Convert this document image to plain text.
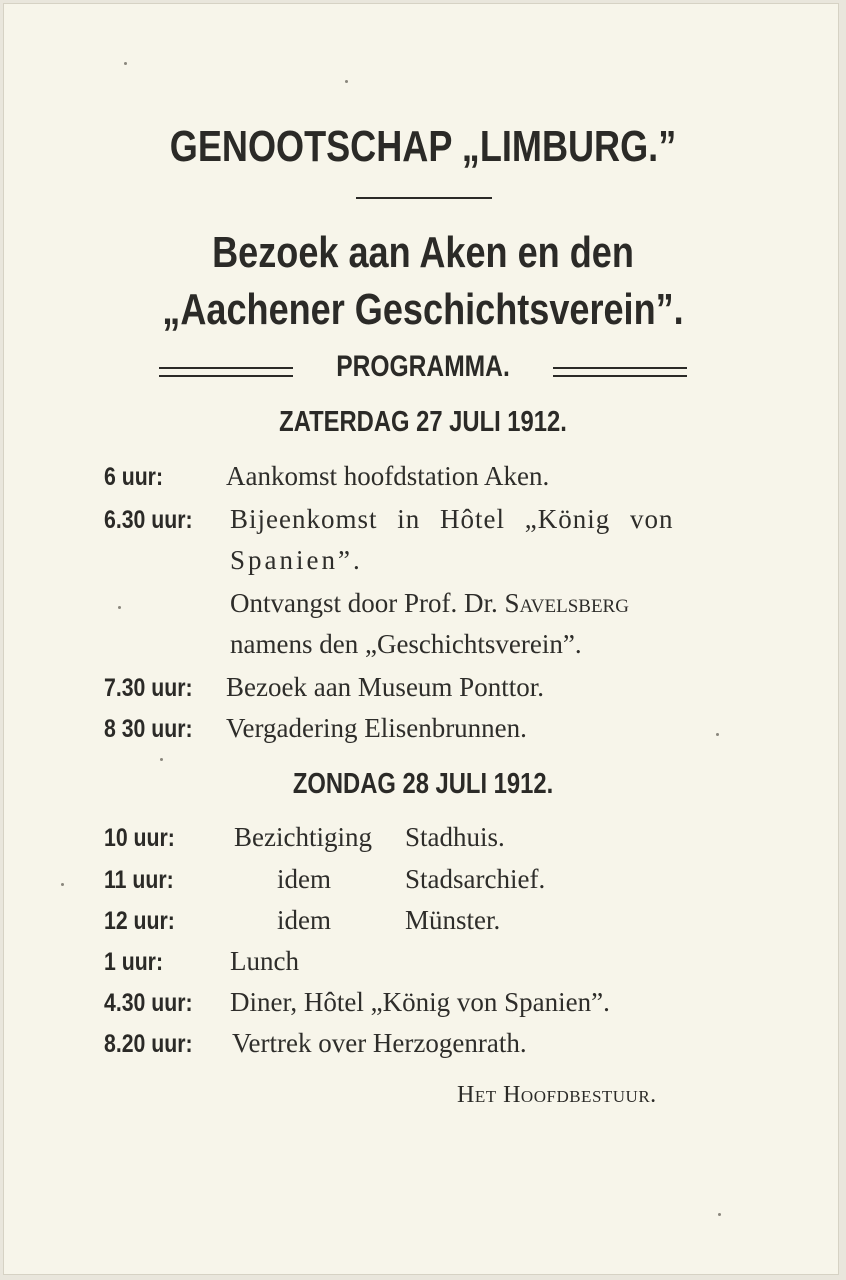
GENOOTSCHAP „LIMBURG.”
Bezoek aan Aken en den
„Aachener Geschichtsverein”.
PROGRAMMA.
ZATERDAG 27 JULI 1912.
6 uur: Aankomst hoofdstation Aken.
6.30 uur: Bijeenkomst in Hôtel „König von
Spanien”.
Ontvangst door Prof. Dr. Savelsberg
namens den „Geschichtsverein”.
7.30 uur: Bezoek aan Museum Ponttor.
8 30 uur: Vergadering Elisenbrunnen.
ZONDAG 28 JULI 1912.
10 uur: Bezichtiging Stadhuis.
11 uur:	idem	Stadsarchief.
12 uur:	idem	Münster.
1 uur: Lunch
4.30 uur: Diner, Hôtel „König von Spanien”.
8.20 uur: Vertrek over Herzogenrath.
Het Hoofdbestuur.
